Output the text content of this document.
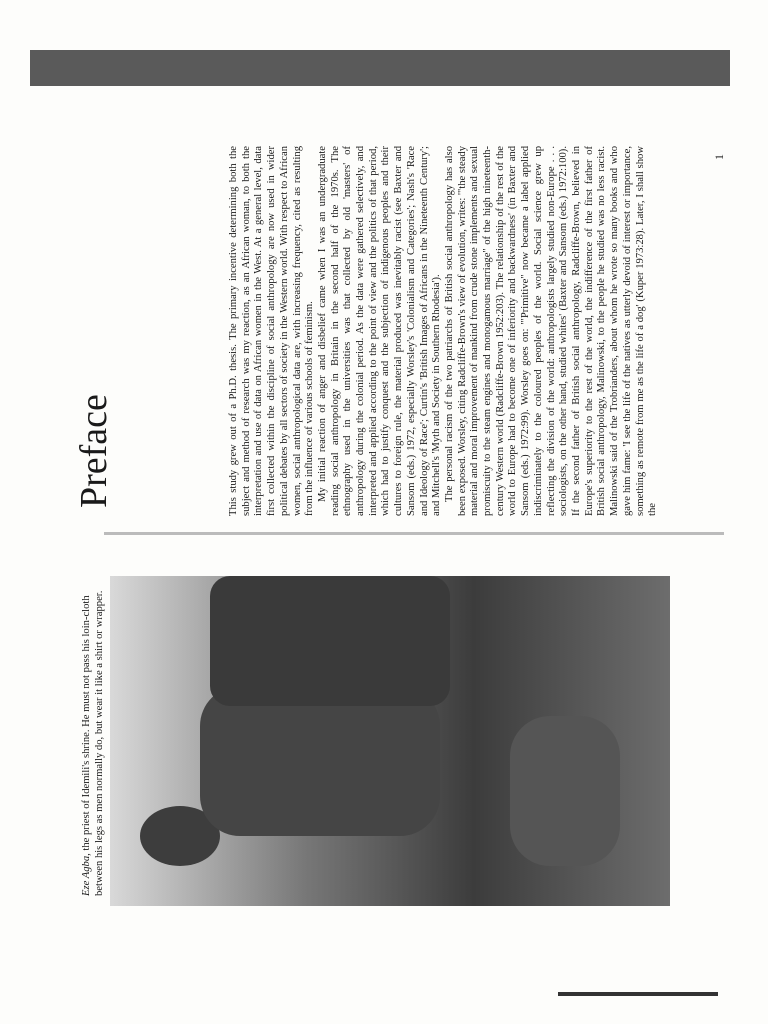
Preface	This study grew out of a Ph.D. thesis. The primary incentive determining both the subject and method of research was my reaction, as an African woman, to both the interpretation and use of data on African women in the West. At a general level, data first collected within the discipline of social anthropology are now used in wider political debates by all sectors of society in the Western world. With respect to African women, social anthropological data are, with increasing frequency, cited as resulting from the influence of various schools of feminism. My initial reaction of anger and disbelief came when I was an undergraduate reading social anthropology in Britain in the second half of the 1970s. The ethnography used in the universities was that collected by old 'masters' of anthropology during the colonial period. As the data were gathered selectively, and interpreted and applied according to the point of view and the politics of that period, which had to justify conquest and the subjection of indigenous peoples and their cultures to foreign rule, the material produced was inevitably racist (see Baxter and Sansom (eds.) 1972, especially Worsley's 'Colonialism and Categories'; Nash's 'Race and Ideology of Race'; Curtin's 'British Images of Africans in the Nineteenth Century'; and Mitchell's 'Myth and Society in Southern Rhodesia'). The personal racism of the two patriarchs of British social anthropology has also been exposed. Worsley, citing Radcliffe-Brown's view of evolution, writes: '"the steady material and moral improvement of mankind from crude stone implements and sexual promiscuity to the steam engines and monogamous marriage" of the high nineteenth-century Western world (Radcliffe-Brown 1952:203). The relationship of the rest of the world to Europe had to become one of inferiority and backwardness' (in Baxter and Sansom (eds.) 1972:99). Worsley goes on: '"Primitive" now became a label applied indiscriminately to the coloured peoples of the world. Social science grew up reflecting the division of the world: anthropologists largely studied non-Europe . . . sociologists, on the other hand, studied whites' (Baxter and Sansom (eds.) 1972:100). If the second father of British social anthropology, Radcliffe-Brown, believed in Europe's superiority to the rest of the world, the indifference of the first father of British social anthropology, Malinowski, to the people he studied was no less racist. Malinowski said of the Trobrianders, about whom he wrote so many books and who gave him fame: 'I see the life of the natives as utterly devoid of interest or importance, something as remote from me as the life of a dog' (Kuper 1973:28). Later, I shall show the

1
Eze Agba, the priest of Idemili's shrine. He must not pass his loin-cloth between his legs as men normally do, but wear it like a shirt or wrapper.
